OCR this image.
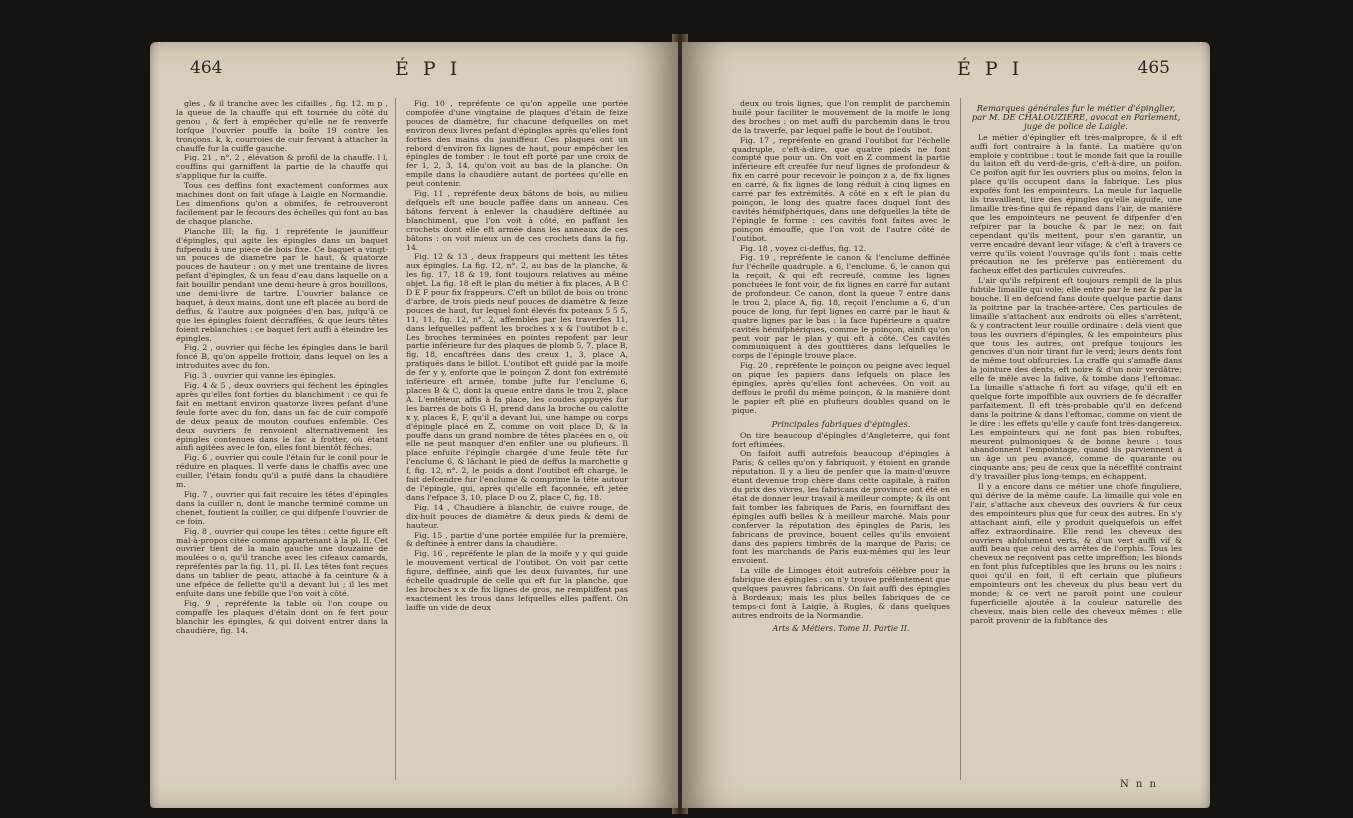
464	É P I

gles , & il tranche avec les cifailles , fig. 12. m p , la queue de la chauffe qui eft tournée du côté du genou , & fert à empêcher qu'elle ne fe renverfe lorfque l'ouvrier pouffe la boîte 19 contre les tronçons. k, k, courroies de cuir fervant à attacher la chauffe fur la cuiffe gauche.

Fig. 21 , n°. 2 , élévation & profil de la chauffe. l l, couffins qui garniffent la partie de la chauffe qui s'applique fur la cuiffe.

Tous ces deffins font exactement conformes aux machines dont on fait ufage à Laigle en Normandie. Les dimenfions qu'on a obmifes, fe retrouveront facilement par le fecours des échelles qui font au bas de chaque planche.

Planche III; la fig. 1 repréfente le jauniffeur d'épingles, qui agite les épingles dans un baquet fufpendu à une pièce de bois fixe. Ce baquet a vingt-un pouces de diametre par le haut, & quatorze pouces de hauteur : on y met une trentaine de livres pefant d'épingles, & un feau d'eau dans laquelle on a fait bouillir pendant une demi-heure à gros bouillons, une demi-livre de tartre. L'ouvrier balance ce baquet, à deux mains, dont une eft placée au bord de deffus, & l'autre aux poignées d'en bas, jufqu'à ce que les épingles foient décraffées, & que leurs têtes foient reblanchies : ce baquet fert auffi à éteindre les épingles.

Fig. 2 , ouvrier qui féche les épingles dans le baril foncé B, qu'on appelle frottoir, dans lequel on les a introduites avec du fon.

Fig. 3 , ouvrier qui vanne les épingles.

Fig. 4 & 5 , deux ouvriers qui féchent les épingles après qu'elles font forties du blanchiment : ce qui fe fait en mettant environ quatorze livres pefant d'une feule forte avec du fon, dans un fac de cuir compofé de deux peaux de mouton coufues enfemble. Ces deux ouvriers fe renvoient alternativement les épingles contenues dans le fac à frotter, où étant ainfi agitées avec le fon, elles font bientôt féches.

Fig. 6 , ouvrier qui coule l'étain fur le conil pour le réduire en plaques. Il verfe dans le chaffis avec une cuiller, l'étain fondu qu'il a puifé dans la chaudière m.

Fig. 7 , ouvrier qui fait recuire les têtes d'épingles dans la cuiller n, dont le manche terminé comme un chenet, foutient la cuiller, ce qui difpenfe l'ouvrier de ce foin.

Fig. 8 , ouvrier qui coupe les têtes : cette figure eft mal-à-propos citée comme appartenant à la pl. II. Cet ouvrier tient de la main gauche une douzaine de moulées o o, qu'il tranche avec les cifeaux camards, repréfentés par la fig. 11, pl. II. Les têtes font reçues dans un tablier de peau, attaché à fa ceinture & à une efpéce de fellette qu'il a devant lui ; il les met enfuite dans une febille que l'on voit à côté.

Fig. 9 , repréfente la table où l'on coupe ou compaffe les plaques d'étain dont on fe fert pour blanchir les épingles, & qui doivent entrer dans la chaudière, fig. 14.

Fig. 10 , repréfente ce qu'on appelle une portée compofée d'une vingtaine de plaques d'étain de feize pouces de diamètre, fur chacune defquelles on met environ deux livres pefant d'épingles après qu'elles font forties des mains du jauniffeur. Ces plaques ont un rebord d'environ fix lignes de haut, pour empêcher les épingles de tomber : le tout eft porté par une croix de fer 1, 2, 3, 14, qu'on voit au bas de la planche. On empile dans la chaudière autant de portées qu'elle en peut contenir.

Fig. 11 , repréfente deux bâtons de bois, au milieu defquels eft une boucle paffée dans un anneau. Ces bâtons fervent à enlever la chaudière deftinée au blanchiment, que l'on voit à côté, en paffant les crochets dont elle eft armée dans les anneaux de ces bâtons : on voit mieux un de ces crochets dans la fig. 14.

Fig. 12 & 13 , deux frappeurs qui mettent les têtes aux épingles. La fig. 12, n°. 2, au bas de la planche, & les fig. 17, 18 & 19, font toujours relatives au même objet. La fig. 18 eft le plan du métier à fix places, A B C D E F pour fix frappeurs. C'eft un billot de bois ou tronc d'arbre, de trois pieds neuf pouces de diamètre & feize pouces de haut, fur lequel font élevés fix poteaux 5 5 5, 11, 11, fig. 12, n°. 2, affemblés par les traverfes 11, dans lefquelles paffent les broches x x & l'outibot b c. Les broches terminées en pointes repofent par leur partie inférieure fur des plaques de plomb 5, 7, place B, fig. 18, encaftrées dans des creux 1, 3, place A, pratiqués dans le billot. L'outibot eft guidé par la moife de fer y y, enforte que le poinçon Z dont fon extrémité inférieure eft armée, tombe jufte fur l'enclume 6, places B & C, dont la queue entre dans le trou 2, place A. L'entêteur, affis à fa place, les coudes appuyés fur les barres de bois G H, prend dans la broche ou calotte x y, places E, F, qu'il a devant lui, une hampe ou corps d'épingle placé en Z, comme on voit place D, & la pouffe dans un grand nombre de têtes placées en o, où elle ne peut manquer d'en enfiler une ou plufieurs. Il place enfuite l'épingle chargée d'une feule tête fur l'enclume 6, & lâchant le pied de deffus la marchette g f, fig. 12, n°. 2, le poids a dont l'outibot eft chargé, le fait defcendre fur l'enclume & comprime la tête autour de l'épingle, qui, après qu'elle eft façonnée, eft jetée dans l'efpace 3, 10, place D ou Z, place C, fig. 18.

Fig. 14 , Chaudière à blanchir, de cuivre rouge, de dix-huit pouces de diamètre & deux pieds & demi de hauteur.

Fig. 15 , partie d'une portée empilée fur la première, & deftinée à entrer dans la chaudière.

Fig. 16 , repréfente le plan de la moife y y qui guide le mouvement vertical de l'outibot. On voit par cette figure, deffinée, ainfi que les deux fuivantes, fur une échelle quadruple de celle qui eft fur la planche, que les broches x x de fix lignes de gros, ne rempliffent pas exactement les trous dans lefquelles elles paffent. On laiffe un vide de deux

É P I	465

deux ou trois lignes, que l'on remplit de parchemin huilé pour faciliter le mouvement de la moife le long des broches : on met auffi du parchemin dans le trou de la traverfe, par lequel paffe le bout de l'outibot.

Fig. 17 , repréfente en grand l'outibot fur l'échelle quadruple, c'eft-à-dire, que quatre pieds ne font compté que pour un. On voit en Z comment la partie inférieure eft creufée fur neuf lignes de profondeur & fix en carré pour recevoir le poinçon z a, de fix lignes en carré, & fix lignes de long réduit à cinq lignes en carré par fes extrémités. A côté en x eft le plan du poinçon, le long des quatre faces duquel font des cavités hémifphériques, dans une defquelles la tête de l'épingle fe forme : ces cavités font faites avec le poinçon émouffé, que l'on voit de l'autre côté de l'outibot.

Fig. 18 , voyez ci-deffus, fig. 12.

Fig. 19 , repréfente le canon & l'enclume deffinée fur l'échelle quadruple. a 6, l'enclume. 6, le canon qui la reçoit, & qui eft recreufé, comme les lignes ponctuées le font voir, de fix lignes en carré fur autant de profondeur. Ce canon, dont la queue 7 entre dans le trou 2, place A, fig. 18, reçoit l'enclume a 6, d'un pouce de long, fur fept lignes en carré par le haut & quatre lignes par le bas : la face fupérieure a quatre cavités hémifphériques, comme le poinçon, ainfi qu'on peut voir par le plan y qui eft à côté. Ces cavités communiquent à des gouttières dans lefquelles le corps de l'épingle trouve place.

Fig. 20 , repréfente le poinçon ou peigne avec lequel on pique les papiers dans lefquels on place les épingles, après qu'elles font achevées. On voit au deffous le profil du même poinçon, & la manière dont le papier eft plié en plufieurs doubles quand on le pique.

Principales fabriques d'épingles.

On tire beaucoup d'épingles d'Angleterre, qui font fort eftimées.

On faifoit auffi autrefois beaucoup d'épingles à Paris; & celles qu'on y fabriquoit, y étoient en grande réputation. Il y a lieu de penfer que la main-d'œuvre étant devenue trop chère dans cette capitale, à raifon du prix des vivres, les fabricans de province ont été en état de donner leur travail à meilleur compte; & ils ont fait tomber les fabriques de Paris, en fourniffant des épingles auffi belles & à meilleur marché. Mais pour conferver la réputation des épingles de Paris, les fabricans de province, bouent celles qu'ils envoient dans des papiers timbrés de la marque de Paris; ce font les marchands de Paris eux-mêmes qui les leur envoient.

La ville de Limoges étoit autrefois célèbre pour la fabrique des épingles : on n'y trouve préfentement que quelques pauvres fabricans. On fait auffi des épingles à Bordeaux; mais les plus belles fabriques de ce temps-ci font à Laigle, à Rugles, & dans quelques autres endroits de la Normandie.

Arts & Métiers. Tome II. Partie II.

Remarques générales fur le métier d'épinglier, par M. DE CHALOUZIERE, avocat en Parlement, juge de police de Laigle.

Le métier d'épinglier eft très-malpropre, & il eft auffi fort contraire à la fanté. La matière qu'on emploie y contribue : tout le monde fait que la rouille du laiton eft du verd-de-gris, c'eft-à-dire, un poifon. Ce poifon agit fur les ouvriers plus ou moins, felon la place qu'ils occupent dans la fabrique. Les plus expofés font les empointeurs. La meule fur laquelle ils travaillent, tire des épingles qu'elle aiguife, une limaille très-fine qui fe répand dans l'air, de manière que les empointeurs ne peuvent fe difpenfer d'en refpirer par la bouche & par le nez; on fait cependant qu'ils mettent, pour s'en garantir, un verre encadré devant leur vifage; & c'eft à travers ce verre qu'ils voient l'ouvrage qu'ils font : mais cette précaution ne les préferve pas entièrement du facheux effet des particules cuivreufes.

L'air qu'ils refpirent eft toujours rempli de la plus fubtile limaille qui vole; elle entre par le nez & par la bouche. Il en defcend fans doute quelque partie dans la poitrine par la trachée-artère. Ces particules de limaille s'attachent aux endroits où elles s'arrêtent, & y contractent leur rouille ordinaire : delà vient que tous les ouvriers d'épingles, & les empointeurs plus que tous les autres, ont prefque toujours les gencives d'un noir tirant fur le verd; leurs dents font de même tout obfcurcies. La craffe qui s'amaffe dans la jointure des dents, eft noire & d'un noir verdâtre; elle fe mêle avec la falive, & tombe dans l'eftomac. La limaille s'attache fi fort au vifage, qu'il eft en quelque forte impoffible aux ouvriers de fe décraffer parfaitement. Il eft très-probable qu'il en defcend dans la poitrine & dans l'eftomac, comme on vient de le dire : les effets qu'elle y caufe font très-dangereux. Les empointeurs qui ne font pas bien robuftes, meurent pulmoniques & de bonne heure : tous abandonnent l'empointage, quand ils parviennent à un âge un peu avancé, comme de quarante ou cinquante ans; peu de ceux que la néceffité contraint d'y travailler plus long-temps, en échappent.

Il y a encore dans ce métier une chofe finguliere, qui dérive de la même caufe. La limaille qui vole en l'air, s'attache aux cheveux des ouvriers & fur ceux des empointeurs plus que fur ceux des autres. En s'y attachant ainfi, elle y produit quelquefois un effet affez extraordinaire. Elle rend les cheveux des ouvriers abfolument verts, & d'un vert auffi vif & auffi beau que celui des arrêtes de l'orphis. Tous les cheveux ne reçoivent pas cette impreffion; les blonds en font plus fufceptibles que les bruns ou les noirs : quoi qu'il en foit, il eft certain que plufieurs empointeurs ont les cheveux du plus beau vert du monde; & ce vert ne paroît point une couleur fuperficielle ajoutée à la couleur naturelle des cheveux, mais bien celle des cheveux mêmes : elle paroît provenir de la fubftance des

N n n
